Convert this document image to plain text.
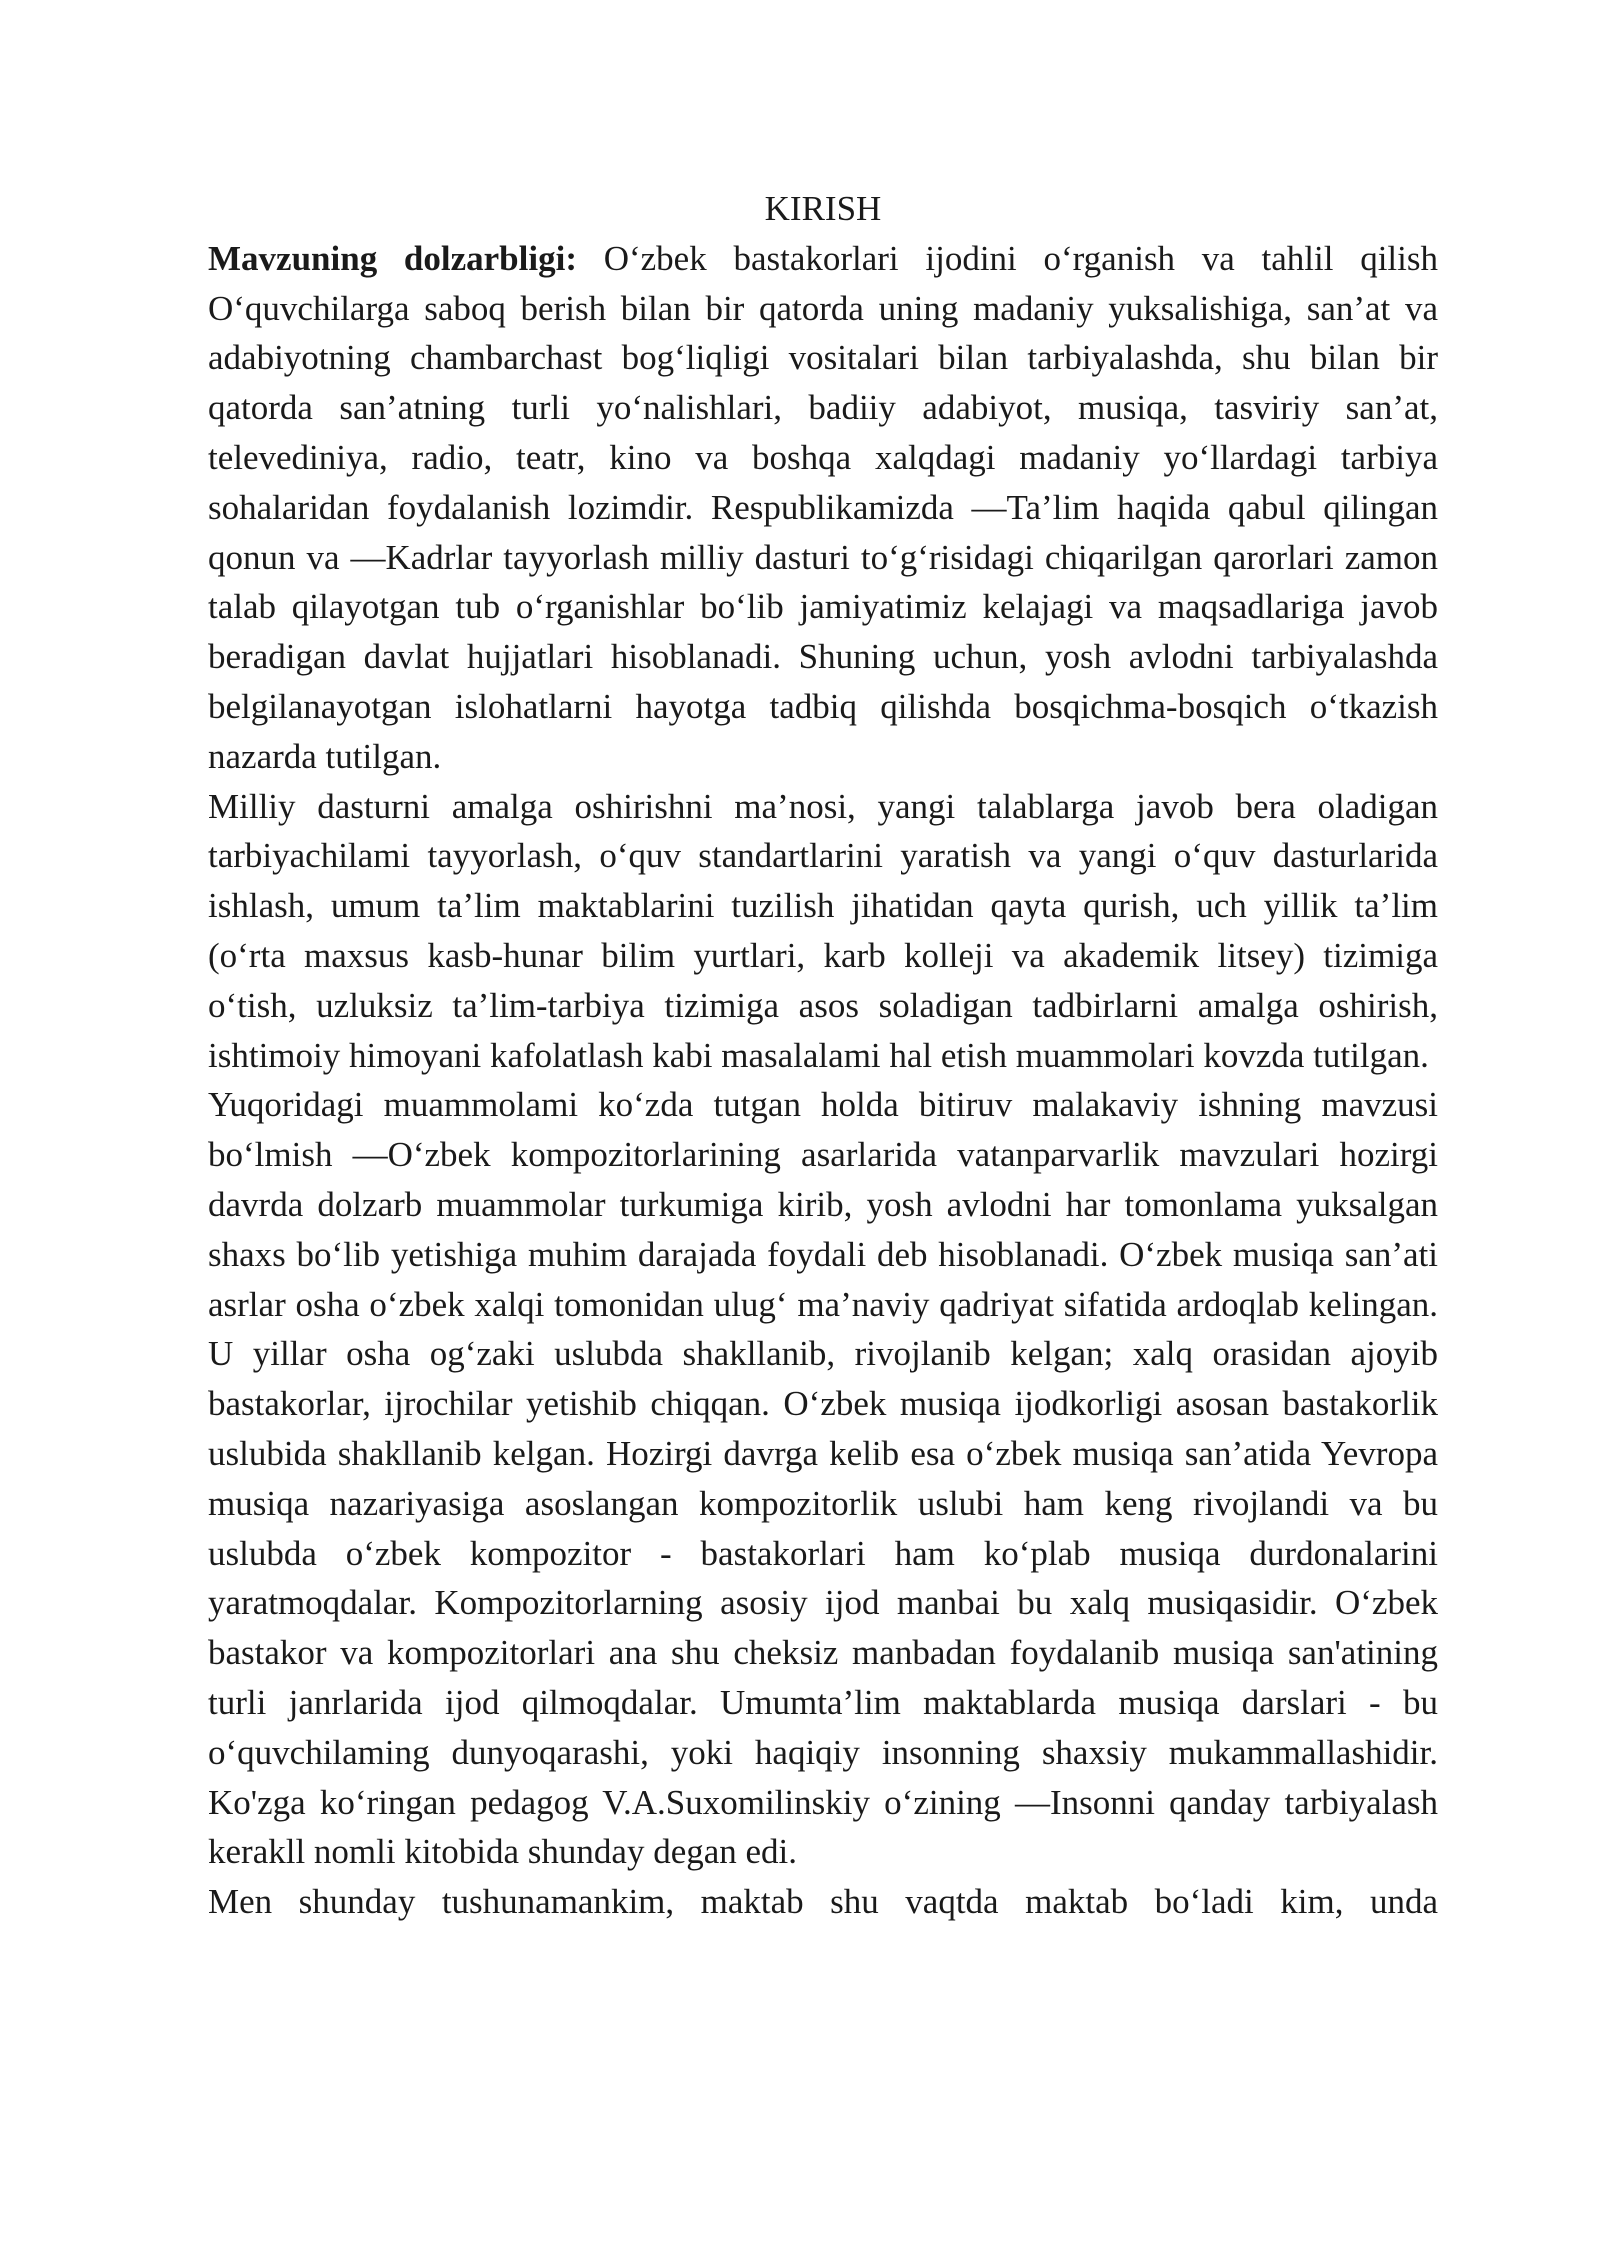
KIRISH

Mavzuning dolzarbligi: O‘zbek bastakorlari ijodini o‘rganish va tahlil qilish O‘quvchilarga saboq berish bilan bir qatorda uning madaniy yuksalishiga, san’at va adabiyotning chambarchast bog‘liqligi vositalari bilan tarbiyalashda, shu bilan bir qatorda san’atning turli yo‘nalishlari, badiiy adabiyot, musiqa, tasviriy san’at, televediniya, radio, teatr, kino va boshqa xalqdagi madaniy yo‘llardagi tarbiya sohalaridan foydalanish lozimdir. Respublikamizda —Ta’lim haqida qabul qilingan qonun va —Kadrlar tayyorlash milliy dasturi to‘g‘risidagi chiqarilgan qarorlari zamon talab qilayotgan tub o‘rganishlar bo‘lib jamiyatimiz kelajagi va maqsadlariga javob beradigan davlat hujjatlari hisoblanadi. Shuning uchun, yosh avlodni tarbiyalashda belgilanayotgan islohatlarni hayotga tadbiq qilishda bosqichma-bosqich o‘tkazish nazarda tutilgan.

Milliy dasturni amalga oshirishni ma’nosi, yangi talablarga javob bera oladigan tarbiyachilami tayyorlash, o‘quv standartlarini yaratish va yangi o‘quv dasturlarida ishlash, umum ta’lim maktablarini tuzilish jihatidan qayta qurish, uch yillik ta’lim (o‘rta maxsus kasb-hunar bilim yurtlari, karb kolleji va akademik litsey) tizimiga o‘tish, uzluksiz ta’lim-tarbiya tizimiga asos soladigan tadbirlarni amalga oshirish, ishtimoiy himoyani kafolatlash kabi masalalami hal etish muammolari kovzda tutilgan.

Yuqoridagi muammolami ko‘zda tutgan holda bitiruv malakaviy ishning mavzusi bo‘lmish —O‘zbek kompozitorlarining asarlarida vatanparvarlik mavzulari hozirgi davrda dolzarb muammolar turkumiga kirib, yosh avlodni har tomonlama yuksalgan shaxs bo‘lib yetishiga muhim darajada foydali deb hisoblanadi. O‘zbek musiqa san’ati asrlar osha o‘zbek xalqi tomonidan ulug‘ ma’naviy qadriyat sifatida ardoqlab kelingan. U yillar osha og‘zaki uslubda shakllanib, rivojlanib kelgan; xalq orasidan ajoyib bastakorlar, ijrochilar yetishib chiqqan. O‘zbek musiqa ijodkorligi asosan bastakorlik uslubida shakllanib kelgan. Hozirgi davrga kelib esa o‘zbek musiqa san’atida Yevropa musiqa nazariyasiga asoslangan kompozitorlik uslubi ham keng rivojlandi va bu uslubda o‘zbek kompozitor - bastakorlari ham ko‘plab musiqa durdonalarini yaratmoqdalar. Kompozitorlarning asosiy ijod manbai bu xalq musiqasidir. O‘zbek bastakor va kompozitorlari ana shu cheksiz manbadan foydalanib musiqa san'atining turli janrlarida ijod qilmoqdalar. Umumta’lim maktablarda musiqa darslari - bu o‘quvchilaming dunyoqarashi, yoki haqiqiy insonning shaxsiy mukammallashidir. Ko'zga ko‘ringan pedagog V.A.Suxomilinskiy o‘zining —Insonni qanday tarbiyalash kerakll nomli kitobida shunday degan edi.

Men shunday tushunamankim, maktab shu vaqtda maktab bo‘ladi kim, unda
